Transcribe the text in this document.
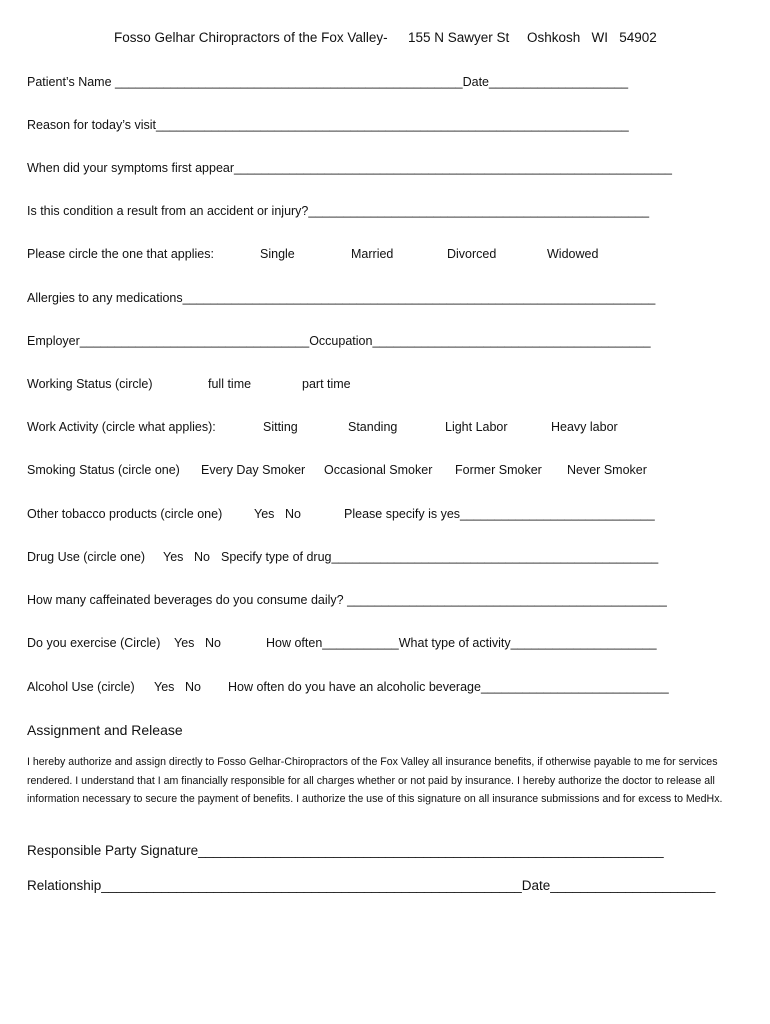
Fosso Gelhar Chiropractors of the Fox Valley- 155 N Sawyer St Oshkosh   WI   54902
Patient’s Name __________________________________________________Date____________________
Reason for today’s visit____________________________________________________________________
When did your symptoms first appear_______________________________________________________________
Is this condition a result from an accident or injury?_________________________________________________
Please circle the one that applies:	Single	Married	Divorced	Widowed
Allergies to any medications____________________________________________________________________
Employer_________________________________Occupation________________________________________
Working Status (circle)	full time	part time
Work Activity (circle what applies):	Sitting	Standing	Light Labor	Heavy labor
Smoking Status (circle one) Every Day Smoker Occasional Smoker Former Smoker Never Smoker
Other tobacco products (circle one)	Yes No	Please specify is yes____________________________
Drug Use (circle one) Yes No Specify type of drug_______________________________________________
How many caffeinated beverages do you consume daily? ______________________________________________
Do you exercise (Circle) Yes No	How often___________What type of activity_____________________
Alcohol Use (circle) Yes No How often do you have an alcoholic beverage___________________________
Assignment and Release
I hereby authorize and assign directly to Fosso Gelhar-Chiropractors of the Fox Valley all insurance benefits, if otherwise payable to me for services rendered. I understand that I am financially responsible for all charges whether or not paid by insurance. I hereby authorize the doctor to release all information necessary to secure the payment of benefits. I authorize the use of this signature on all insurance submissions and for excess to MedHx.
Responsible Party Signature______________________________________________________________
Relationship________________________________________________________Date______________________
